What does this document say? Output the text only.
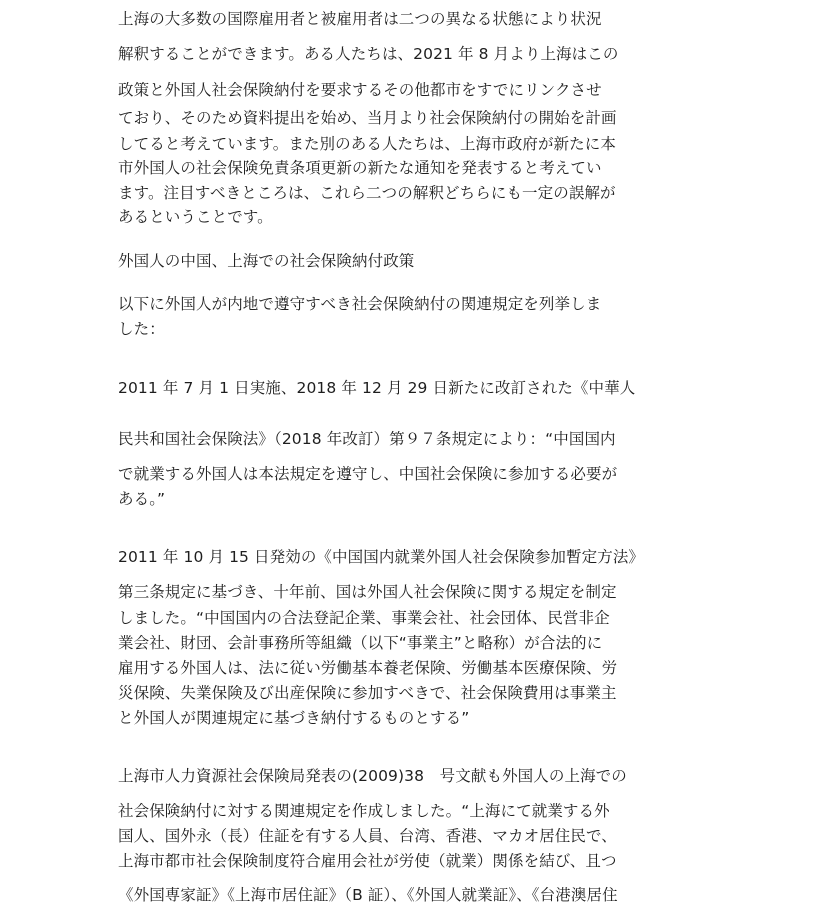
上海の大多数の国際雇用者と被雇用者は二つの異なる状態により状況

解釈することができます。ある人たちは、2021 年 8 月より上海はこの

政策と外国人社会保険納付を要求するその他都市をすでにリンクさせ

ており、そのため資料提出を始め、当月より社会保険納付の開始を計画

してると考えています。また別のある人たちは、上海市政府が新たに本

市外国人の社会保険免責条項更新の新たな通知を発表すると考えてい

ます。注目すべきところは、これら二つの解釈どちらにも一定の誤解が

あるということです。

外国人の中国、上海での社会保険納付政策

以下に外国人が内地で遵守すべき社会保険納付の関連規定を列挙しま

した：

2011 年 7 月 1 日実施、2018 年 12 月 29 日新たに改訂された《中華人

民共和国社会保険法》（2018 年改訂）第９７条規定により：“中国国内

で就業する外国人は本法規定を遵守し、中国社会保険に参加する必要が

ある。”

2011 年 10 月 15 日発効の《中国国内就業外国人社会保険参加暫定方法》

第三条規定に基づき、十年前、国は外国人社会保険に関する規定を制定

しました。“中国国内の合法登記企業、事業会社、社会団体、民営非企

業会社、財団、会計事務所等組織（以下“事業主”と略称）が合法的に

雇用する外国人は、法に従い労働基本養老保険、労働基本医療保険、労

災保険、失業保険及び出産保険に参加すべきで、社会保険費用は事業主

と外国人が関連規定に基づき納付するものとする”

上海市人力資源社会保険局発表の(2009)38　号文献も外国人の上海での

社会保険納付に対する関連規定を作成しました。“上海にて就業する外

国人、国外永（長）住証を有する人員、台湾、香港、マカオ居住民で、

上海市都市社会保険制度符合雇用会社が労使（就業）関係を結び、且つ

《外国専家証》《上海市居住証》（B 証）、《外国人就業証》、《台港澳居住
